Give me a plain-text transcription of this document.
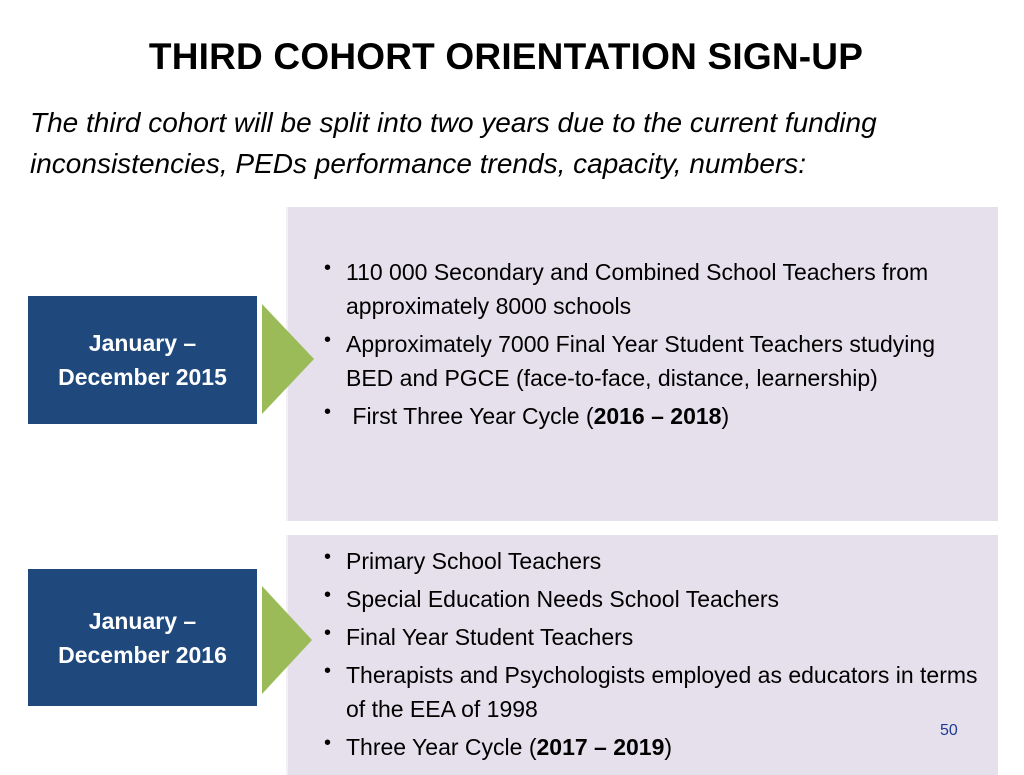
THIRD COHORT ORIENTATION SIGN-UP
The third cohort will be split into two years due to the current funding inconsistencies, PEDs performance trends, capacity, numbers:
January –
December 2015
• 110 000 Secondary and Combined School Teachers from approximately 8000 schools
• Approximately 7000 Final Year Student Teachers studying BED and PGCE (face-to-face, distance, learnership)
• First Three Year Cycle (2016 – 2018)
January –
December 2016
• Primary School Teachers
• Special Education Needs School Teachers
• Final Year Student Teachers
• Therapists and Psychologists employed as educators in terms of the EEA of 1998
• Three Year Cycle (2017 – 2019)
50
